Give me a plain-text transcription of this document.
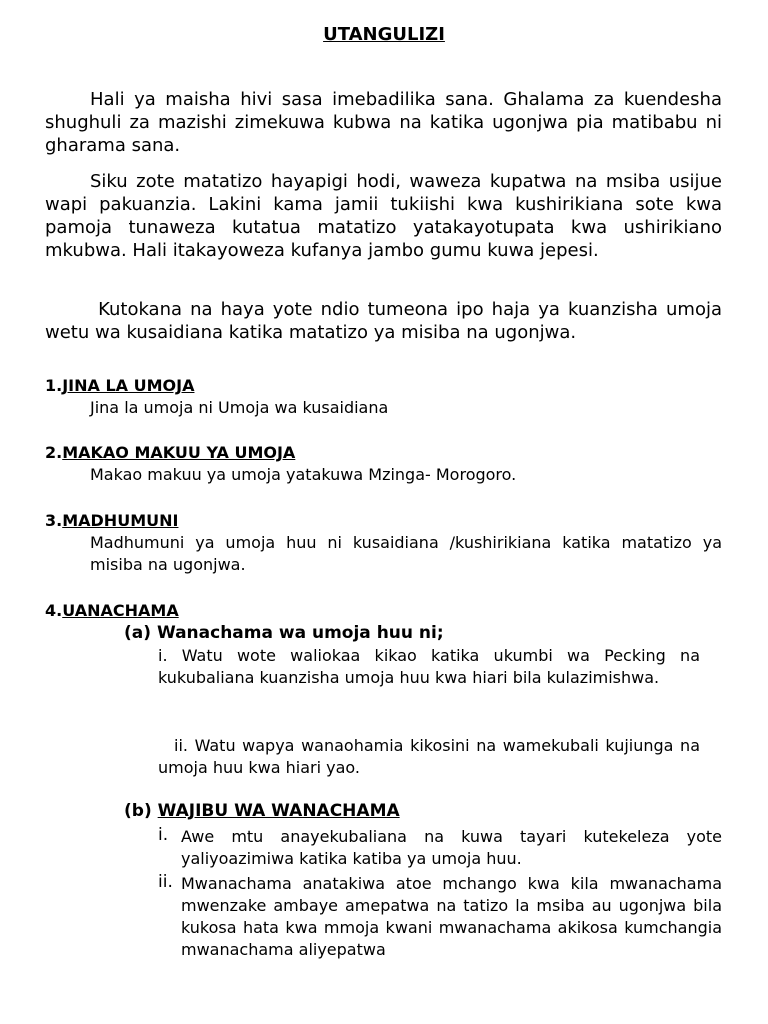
UTANGULIZI
Hali ya maisha hivi sasa imebadilika sana. Ghalama za kuendesha shughuli za mazishi zimekuwa kubwa na katika ugonjwa pia matibabu ni gharama sana.
Siku zote matatizo hayapigi hodi, waweza kupatwa na msiba usijue wapi pakuanzia. Lakini kama jamii tukiishi kwa kushirikiana sote kwa pamoja tunaweza kutatua matatizo yatakayotupata kwa ushirikiano mkubwa. Hali itakayoweza kufanya jambo gumu kuwa jepesi.
Kutokana na haya yote ndio tumeona ipo haja ya kuanzisha umoja wetu wa kusaidiana katika matatizo ya misiba na ugonjwa.
1.JINA LA UMOJA
Jina la umoja ni Umoja wa kusaidiana
2.MAKAO MAKUU YA UMOJA
Makao makuu ya umoja yatakuwa Mzinga- Morogoro.
3.MADHUMUNI
Madhumuni ya umoja huu ni kusaidiana /kushirikiana katika matatizo ya misiba na ugonjwa.
4.UANACHAMA
(a) Wanachama wa umoja huu ni;
i. Watu wote waliokaa kikao katika ukumbi wa Pecking na kukubaliana kuanzisha umoja huu kwa hiari bila kulazimishwa.
ii. Watu wapya wanaohamia kikosini na wamekubali kujiunga na umoja huu kwa hiari yao.
(b) WAJIBU WA WANACHAMA
i. Awe mtu anayekubaliana na kuwa tayari kutekeleza yote yaliyoazimiwa katika katiba ya umoja huu.
ii. Mwanachama anatakiwa atoe mchango kwa kila mwanachama mwenzake ambaye amepatwa na tatizo la msiba au ugonjwa bila kukosa hata kwa mmoja kwani mwanachama akikosa kumchangia mwanachama aliyepatwa
